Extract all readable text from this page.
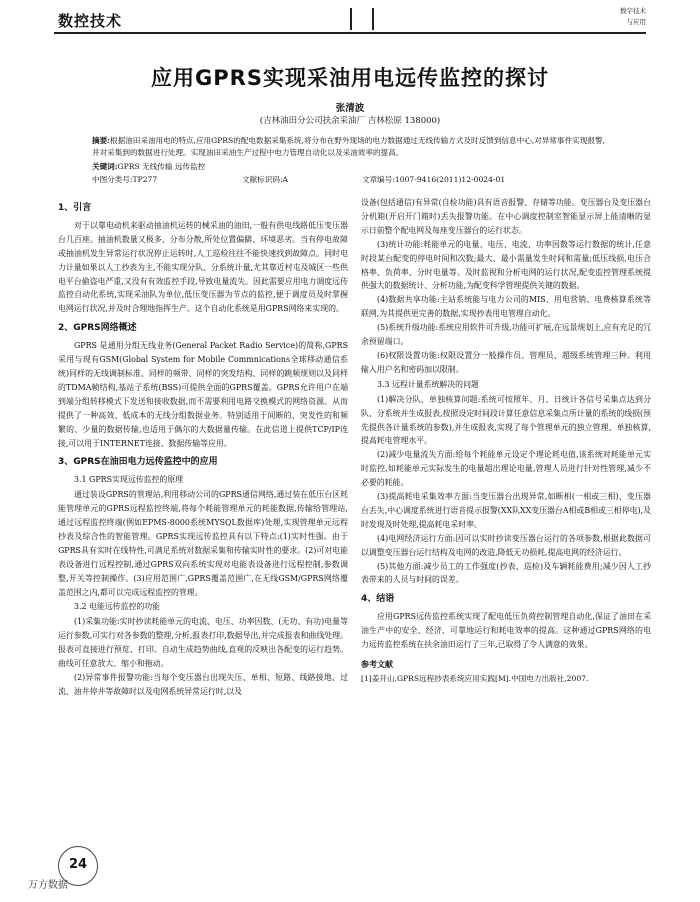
数控技术
数字技术
与应用
应用GPRS实现采油用电远传监控的探讨
张清波
(吉林油田分公司扶余采油厂 吉林松原 138000)
摘要:根据油田采油用电的特点,应用GPRS的配电数据采集系统,将分布在野外现场的电力数据通过无线传输方式及时反馈到信息中心,对异常事件实现报警,并对采集到的数据进行处理。实现油田采油生产过程中电力管理自动化以及采油效率的提高。
关键词:GPRS 无线传输 远传监控
中图分类号:TP277	文献标识码:A	文章编号:1007-9416(2011)12-0024-01
1、引言
对于以靠电动机来驱动抽油机运转的械采油的油田,一般有供电线路低压变压器台几百座。抽油机数量又极多、分布分散,所处位置偏僻、环境恶劣。当有停电故障或抽油机发生异常运行状况停止运转时,人工巡检往往不能快速找到故障点。同时电力计量如果以人工抄表为主,不能实现分队、分系统计量,尤其靠近村屯及城区一些供电平台偷盗电严重,又没有有效监控手段,导致电量流失。因此需要应用电力调度远传监控自动化系统,实现采油队为单位,低压变压器为节点的监控,便于调度员及时掌握电网运行状况,并及时合理地指挥生产。这个自动化系统是用GPRS网络来实现的。
2、GPRS网络概述
GPRS 是通用分组无线业务(General Packet Radio Service)的简称,GPRS采用与现有GSM(Global System for Mobile Commnications全球移动通信系统)同样的无线调制标准、同样的频带、同样的突发结构、同样的跳频规则以及同样的TDMA帧结构,基站子系统(BSS)可提供全面的GPRS覆盖。GPRS允许用户在端到端分组转移模式下发送和接收数据,而不需要利用电路交换模式的网络资源。从而提供了一种高效、低成本的无线分组数据业务。特别适用于间断的、突发性的和频繁的、少量的数据传输,也适用于偶尔的大数据量传输。在此信道上提供TCP/IP连接,可以用于INTERNET连接、数据传输等应用。
3、GPRS在油田电力远传监控中的应用
3.1 GPRS实现远传监控的原理
通过装设GPRS的管理站,利用移动公司的GPRS通信网络,通过装在低压台区耗能管理单元的GPRS远程监控终端,将每个耗能管理单元的耗能数据,传输给管理站,通过远程监控终端(例如EPMS-8000系统MYSQL数据库)处理,实现管理单元远程抄表及综合性的智能管理。GPRS实现远传监控具有以下特点:(1)实时性强。由于GPRS具有实时在线特性,可满足系统对数据采集和传输实时性的要求。(2)可对电能表设备进行远程控制,通过GPRS双向系统实现对电能表设备进行远程控制,参数调整,开关等控制操作。(3)应用范围广,GPRS覆盖范围广,在无线GSM/GPRS网络覆盖范围之内,都可以完成远程监控的管理。
3.2 电能远传监控的功能
(1)采集功能:实时抄读耗能单元的电流、电压、功率因数、(无功、有功)电量等运行参数,可实行对各参数的整理,分析,报表打印,数据导出,并完成报表和曲线处理。报表可直接进行预览、打印。自动生成趋势曲线,直观的反映出各配变的运行趋势。曲线可任意放大、缩小和拖动。
(2)异常事件报警功能:当每个变压器台出现失压、单相、短路、线路接地、过流、油井停井等故障时以及电网系统异常运行时,以及
设备(包括通信)有异常(自检功能)具有语音报警、存储等功能。变压器台及变压器台分机箱(开启开门箱时)丢失报警功能。在中心调度控制室智能显示屏上能清晰的显示日前整个配电网及每座变压器台的运行状态。
(3)统计功能:耗能单元的电量、电压、电流、功率因数等运行数据的统计,任意时段某台配变的停电时间和次数;最大、最小需量发生时间和需量;低压线损,电压合格率、负荷率、分时电量等。及时监视和分析电网的运行状况,配变监控管理系统提供强大的数据统计、分析功能,为配变科学管理提供关键的数据。
(4)数据共享功能:主站系统能与电力公司的MIS、用电营销、电费核算系统等联网,为其提供更完善的数据,实现抄表用电管理自动化。
(5)系统升级功能:系统应用软件可升级,功能可扩展,在远景规划上,应有充足的冗余预留端口。
(6)权限设置功能:权限设置分一般操作员、管理员、超级系统管理三种。利用输入用户名和密码加以限制。
3.3 远程计量系统解决的问题
(1)解决分队、单独核算问题:系统可按照年、月、日统计各信号采集点达到分队、分系统并生成报表,按照设定时间段计算任意信息采集点所计量的系统的线损(预先提供各计量系统的参数),并生成报表,实现了每个管理单元的独立管理、单独核算,提高耗电管理水平。
(2)减少电量流失方面:给每个耗能单元设定个理论耗电值,该系统对耗能单元实时监控,如耗能单元实际发生的电量超出理论电量,管理人员进行针对性管理,减少不必要的耗能。
(3)提高耗电采集效率方面:当变压器台出现异常,如断相(一相或三相)、变压器台丢失,中心调度系统进行语音提示报警(XX队XX变压器台A相或B相或三相停电),及时发现及时处理,提高耗电采时率。
(4)电网经济运行方面:因可以实时抄读变压器台运行的各项参数,根据此数据可以调整变压器台运行结构及电网的改造,降低无功损耗,提高电网的经济运行。
(5)其他方面:减少员工的工作强度(抄表、巡检)及车辆耗能费用;减少因人工抄表带来的人员与时间的误差。
4、结语
应用GPRS远传监控系统实现了配电低压负荷控制管理自动化,保证了油田在采油生产中的安全、经济、可靠地运行和耗电效率的提高。这种通过GPRS网络的电力远传监控系统在扶余油田运行了三年,已取得了令人满意的效果。
参考文献
[1]姜开山.GPRS远程抄表系统应用实践[M].中国电力出版社,2007.
24
万方数据
